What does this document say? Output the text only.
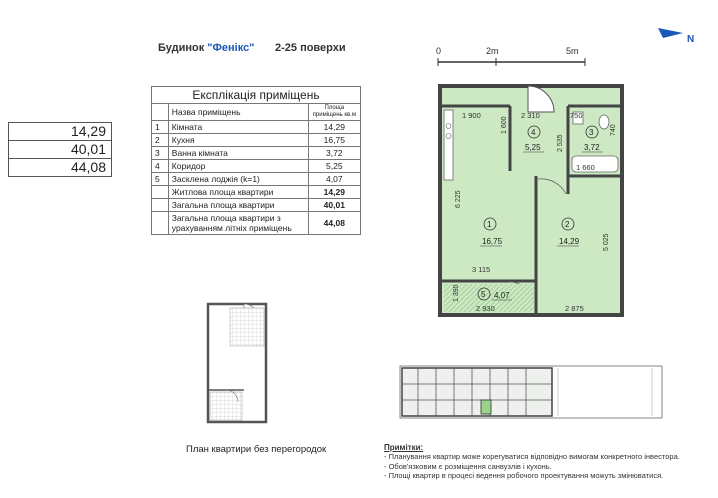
Будинок "Фенікс" 2-25 поверхи
14,29
40,01
44,08
Експлікація приміщень		
	Назва приміщень	Площа приміщень кв.м
1	Кімната	14,29
2	Кухня	16,75
3	Ванна кімната	3,72
4	Коридор	5,25
5	Засклена лоджія (k=1)	4,07
	Житлова площа квартири	14,29
	Загальна площа квартири	40,01
	Загальна площа квартири з урахуванням літніх приміщень	44,08
0	2m	5m
N
1 900	2 310	750
1 600
2 535
740
1 660
6 225
5 025
3 115
1 390
2 930	2 875
1
16,75
2
14,29
3
3,72
4
5,25
5 4,07
План квартири без перегородок	Примітки:
- Планування квартир може корегуватися відповідно вимогам конкретного інвестора.
- Обов'язковим є розміщення санвузлів і кухонь.
- Площі квартир в процесі ведення робочого проектування можуть змінюватися.
